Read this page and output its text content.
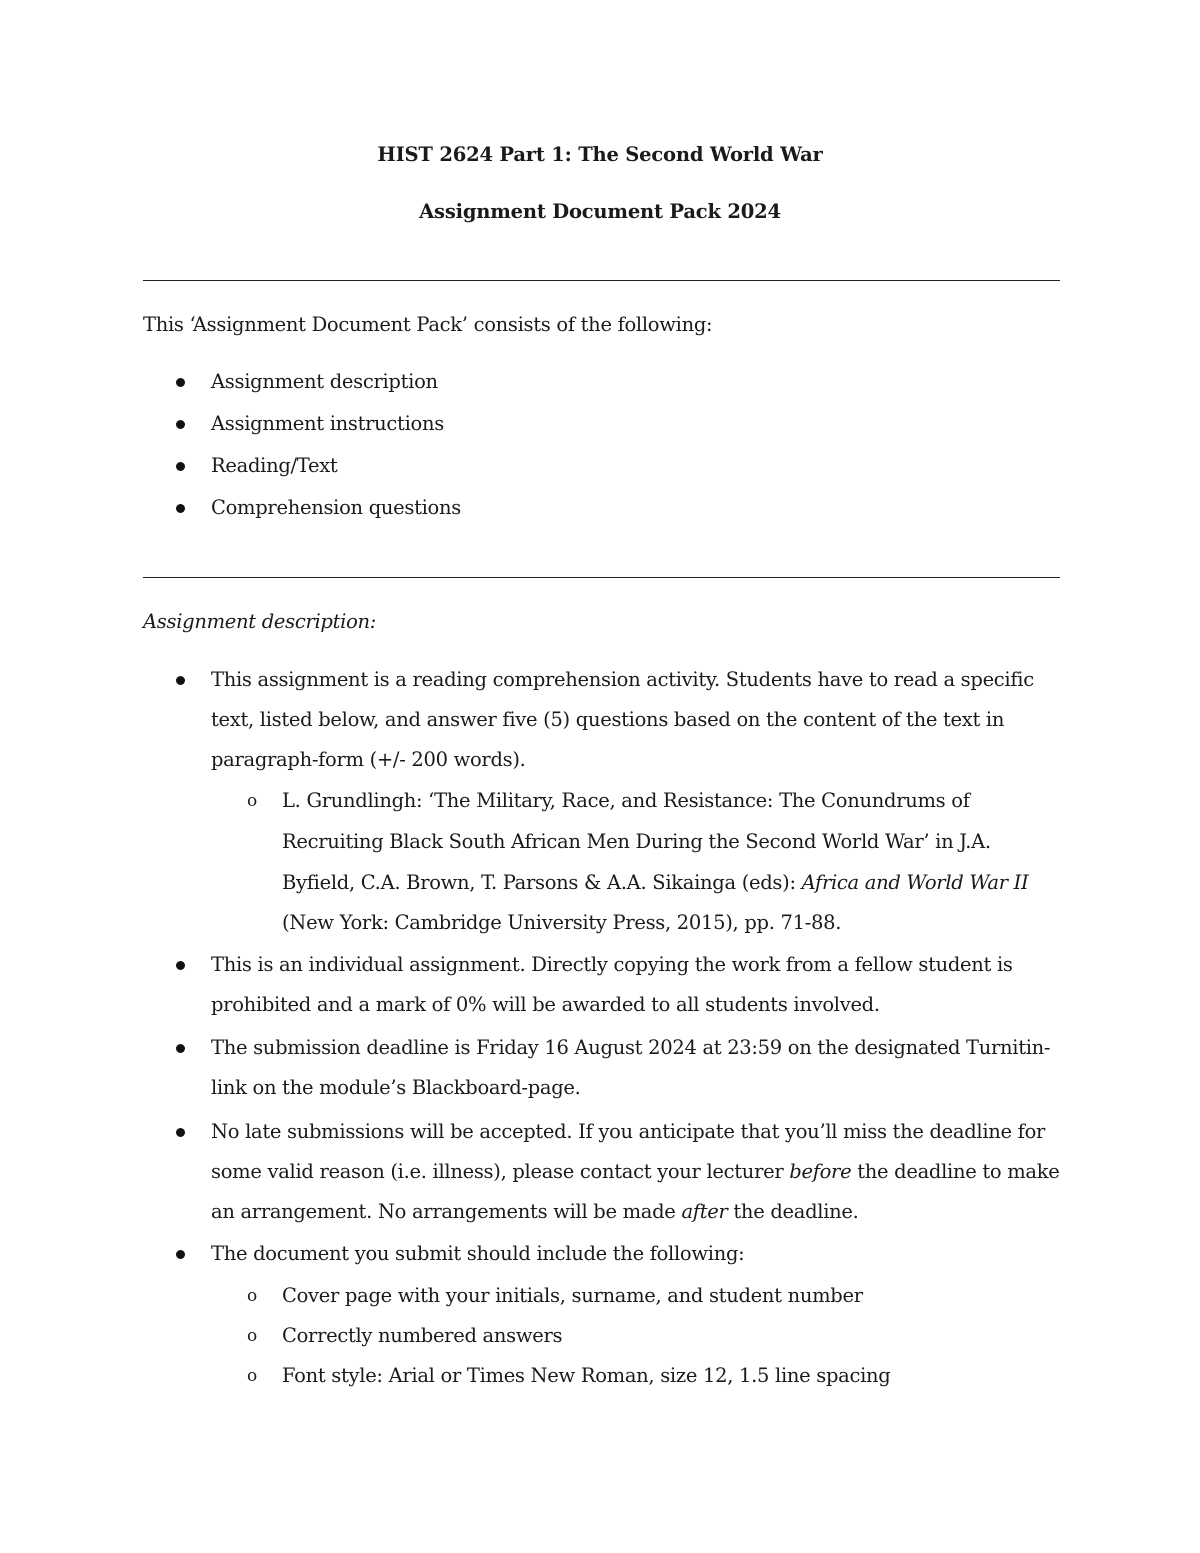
HIST 2624 Part 1: The Second World War
Assignment Document Pack 2024
This ‘Assignment Document Pack’ consists of the following:
Assignment description
Assignment instructions
Reading/Text
Comprehension questions
Assignment description:
This assignment is a reading comprehension activity. Students have to read a specific
text, listed below, and answer five (5) questions based on the content of the text in
paragraph-form (+/- 200 words).
o L. Grundlingh: ‘The Military, Race, and Resistance: The Conundrums of
Recruiting Black South African Men During the Second World War’ in J.A.
Byfield, C.A. Brown, T. Parsons & A.A. Sikainga (eds): Africa and World War II
(New York: Cambridge University Press, 2015), pp. 71-88.
This is an individual assignment. Directly copying the work from a fellow student is
prohibited and a mark of 0% will be awarded to all students involved.
The submission deadline is Friday 16 August 2024 at 23:59 on the designated Turnitin-
link on the module’s Blackboard-page.
No late submissions will be accepted. If you anticipate that you’ll miss the deadline for
some valid reason (i.e. illness), please contact your lecturer before the deadline to make
an arrangement. No arrangements will be made after the deadline.
The document you submit should include the following:
o Cover page with your initials, surname, and student number
o Correctly numbered answers
o Font style: Arial or Times New Roman, size 12, 1.5 line spacing
